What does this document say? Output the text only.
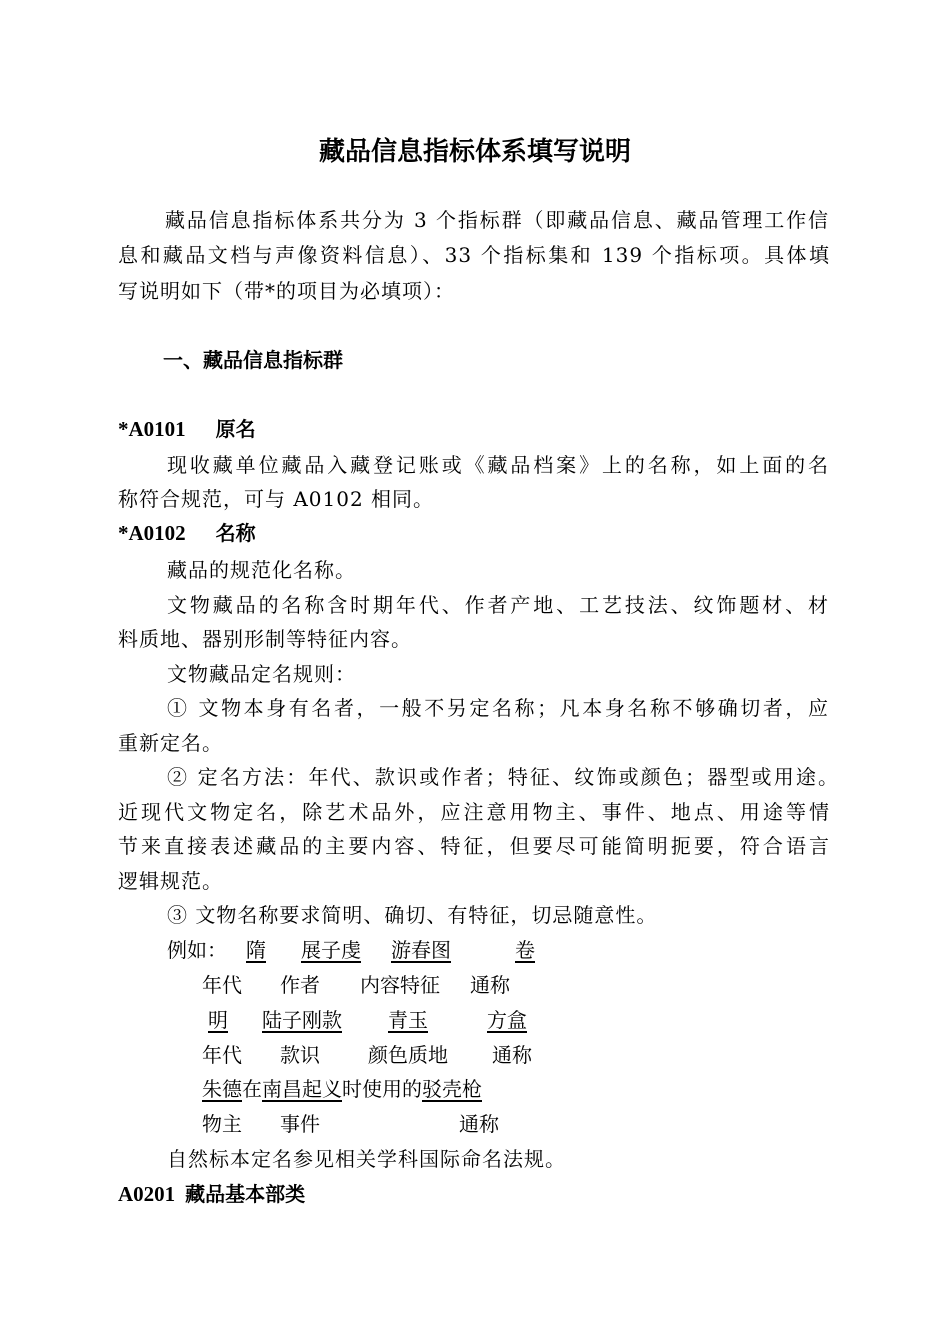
藏品信息指标体系填写说明
藏品信息指标体系共分为 3 个指标群（即藏品信息、藏品管理工作信
息和藏品文档与声像资料信息）、33 个指标集和 139 个指标项。具体填
写说明如下（带*的项目为必填项）：
一、藏品信息指标群
*A0101 原名
现收藏单位藏品入藏登记账或《藏品档案》上的名称，如上面的名
称符合规范，可与 A0102 相同。
*A0102 名称
藏品的规范化名称。
文物藏品的名称含时期年代、作者产地、工艺技法、纹饰题材、材
料质地、器别形制等特征内容。
文物藏品定名规则：
① 文物本身有名者，一般不另定名称；凡本身名称不够确切者，应
重新定名。
② 定名方法：年代、款识或作者；特征、纹饰或颜色；器型或用途。
近现代文物定名，除艺术品外，应注意用物主、事件、地点、用途等情
节来直接表述藏品的主要内容、特征，但要尽可能简明扼要，符合语言
逻辑规范。
③ 文物名称要求简明、确切、有特征，切忌随意性。
例如： 隋 展子虔 游春图	卷
年代 作者 内容特征 通称
明 陆子刚款 青玉	方盒
年代 款识 颜色质地 通称
朱德在南昌起义时使用的驳壳枪
物主 事件	通称
自然标本定名参见相关学科国际命名法规。
A0201 藏品基本部类
